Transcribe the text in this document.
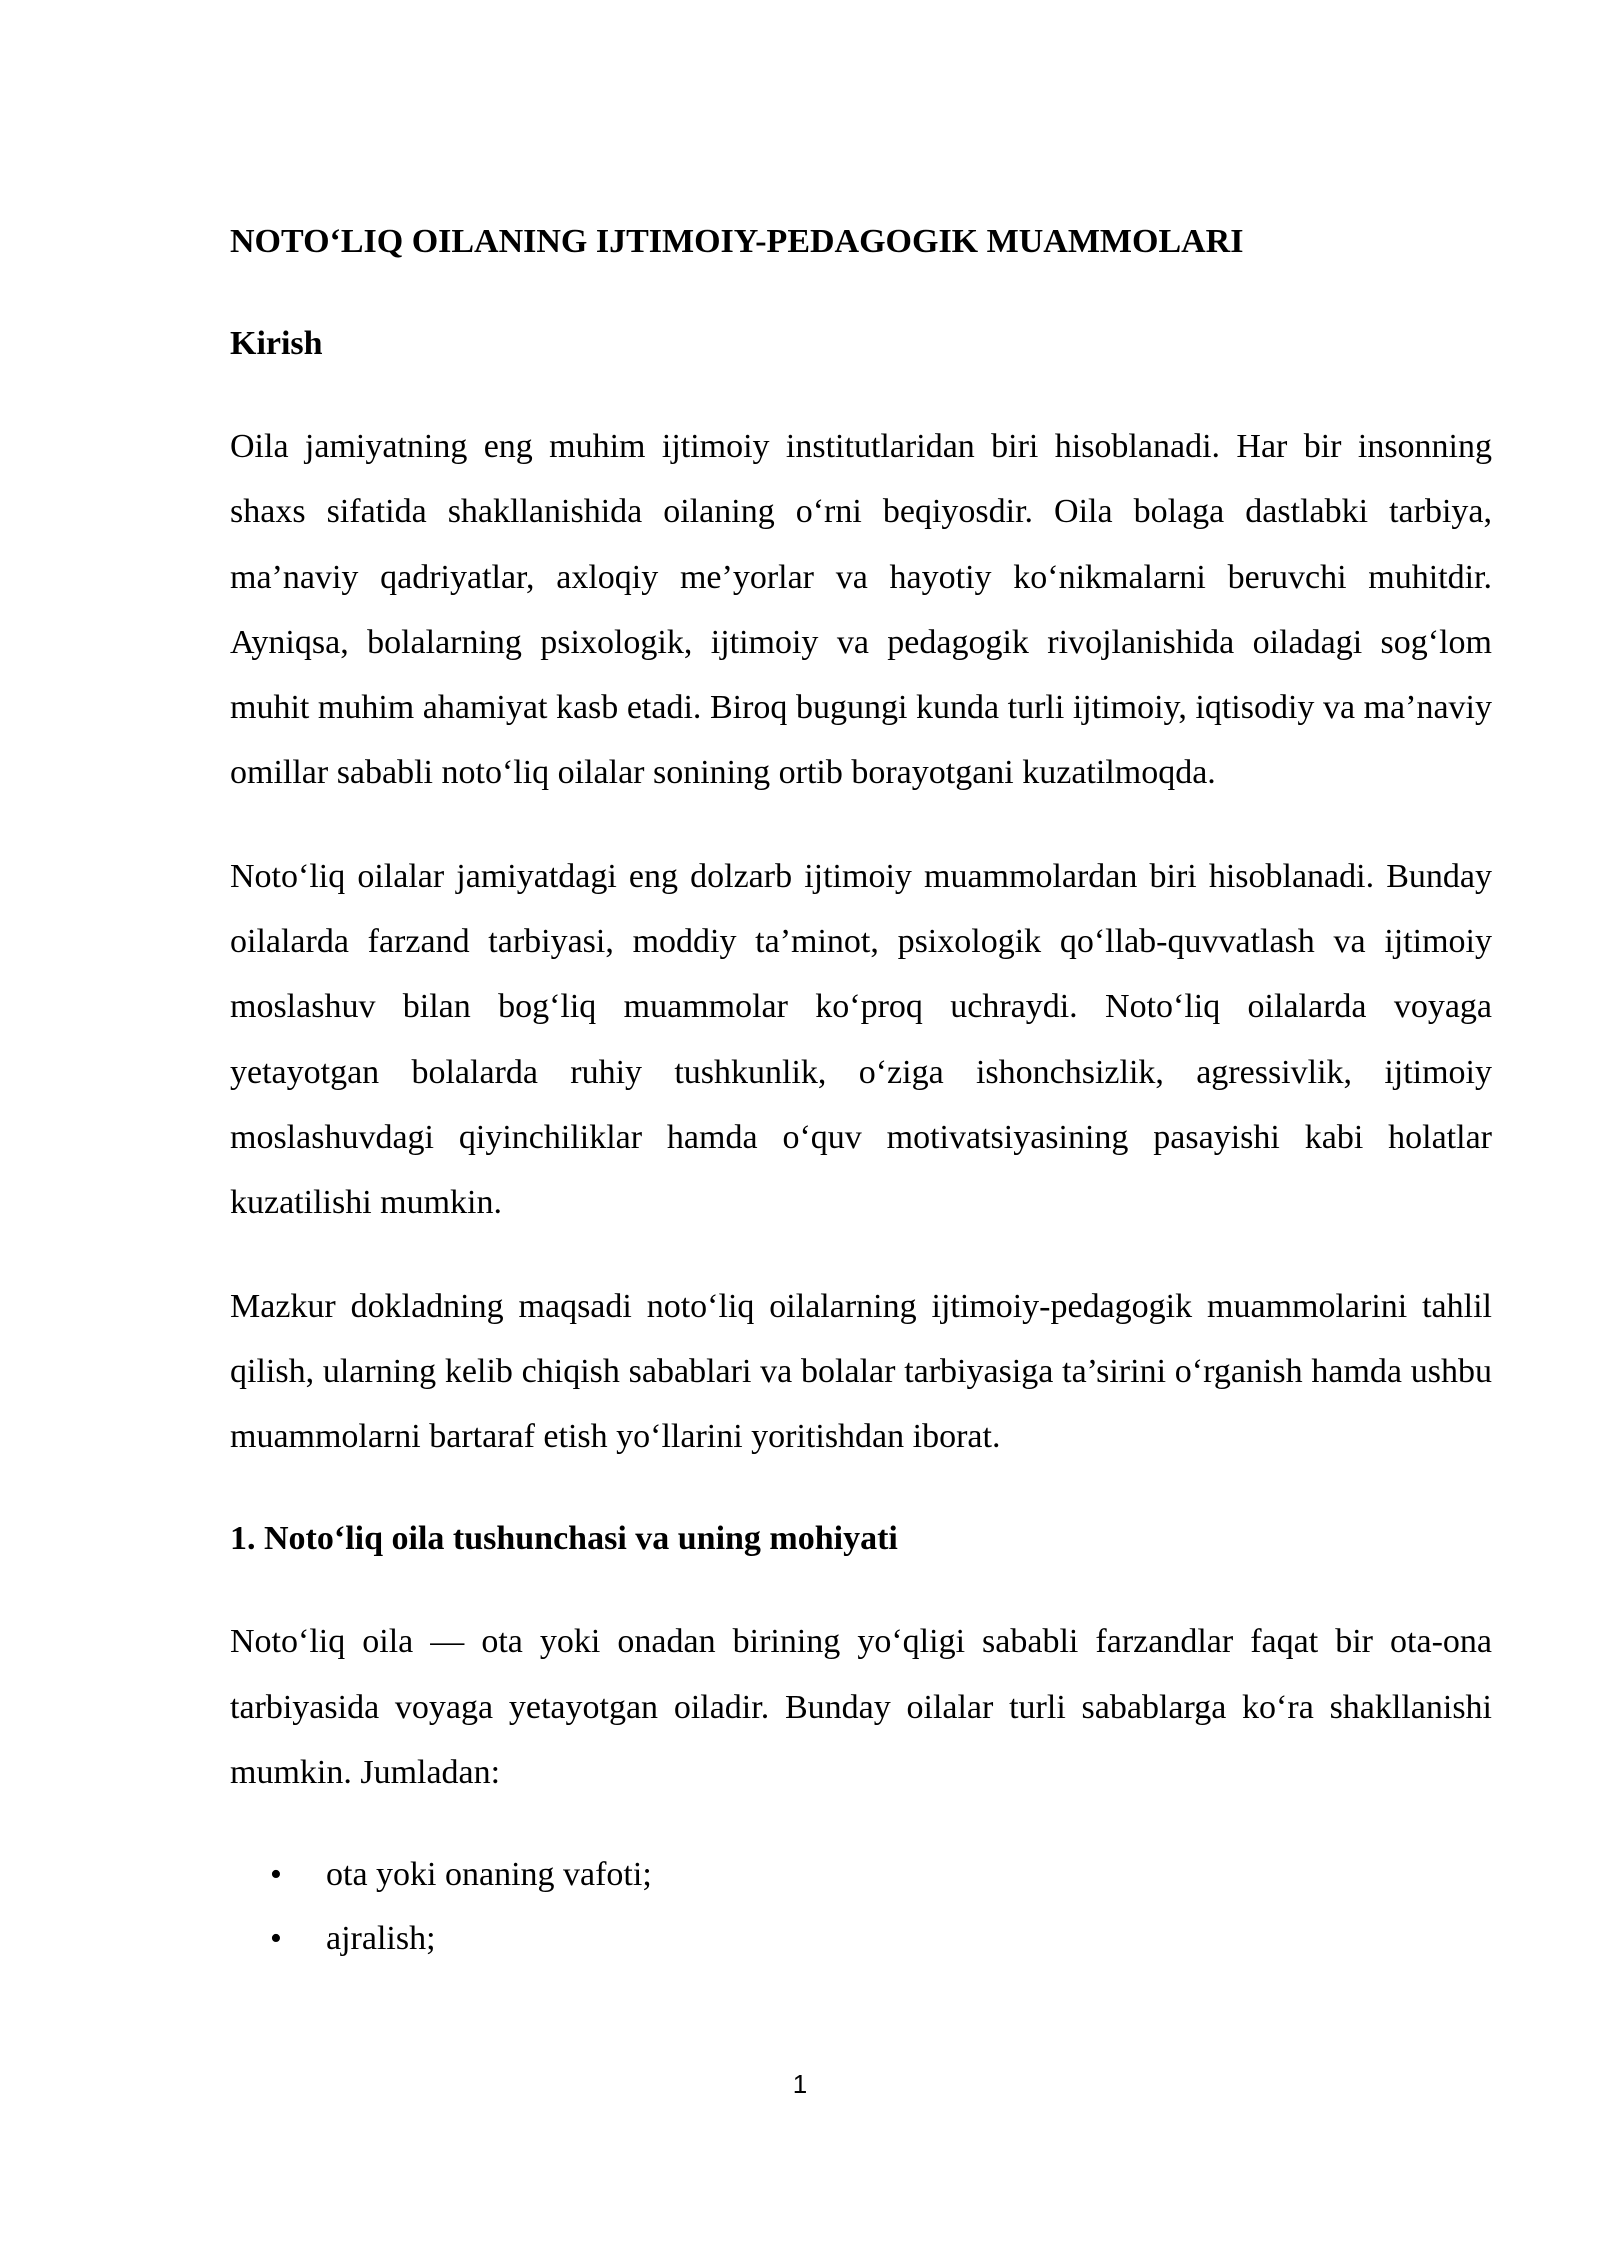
NOTO‘LIQ OILANING IJTIMOIY-PEDAGOGIK MUAMMOLARI
Kirish

Oila jamiyatning eng muhim ijtimoiy institutlaridan biri hisoblanadi. Har bir insonning shaxs sifatida shakllanishida oilaning o‘rni beqiyosdir. Oila bolaga dastlabki tarbiya, ma’naviy qadriyatlar, axloqiy me’yorlar va hayotiy ko‘nikmalarni beruvchi muhitdir. Ayniqsa, bolalarning psixologik, ijtimoiy va pedagogik rivojlanishida oiladagi sog‘lom muhit muhim ahamiyat kasb etadi. Biroq bugungi kunda turli ijtimoiy, iqtisodiy va ma’naviy omillar sababli noto‘liq oilalar sonining ortib borayotgani kuzatilmoqda.

Noto‘liq oilalar jamiyatdagi eng dolzarb ijtimoiy muammolardan biri hisoblanadi. Bunday oilalarda farzand tarbiyasi, moddiy ta’minot, psixologik qo‘llab-quvvatlash va ijtimoiy moslashuv bilan bog‘liq muammolar ko‘proq uchraydi. Noto‘liq oilalarda voyaga yetayotgan bolalarda ruhiy tushkunlik, o‘ziga ishonchsizlik, agressivlik, ijtimoiy moslashuvdagi qiyinchiliklar hamda o‘quv motivatsiyasining pasayishi kabi holatlar kuzatilishi mumkin.

Mazkur dokladning maqsadi noto‘liq oilalarning ijtimoiy-pedagogik muammolarini tahlil qilish, ularning kelib chiqish sabablari va bolalar tarbiyasiga ta’sirini o‘rganish hamda ushbu muammolarni bartaraf etish yo‘llarini yoritishdan iborat.

1. Noto‘liq oila tushunchasi va uning mohiyati

Noto‘liq oila — ota yoki onadan birining yo‘qligi sababli farzandlar faqat bir ota-ona tarbiyasida voyaga yetayotgan oiladir. Bunday oilalar turli sabablarga ko‘ra shakllanishi mumkin. Jumladan:

• ota yoki onaning vafoti;
• ajralish;
1
